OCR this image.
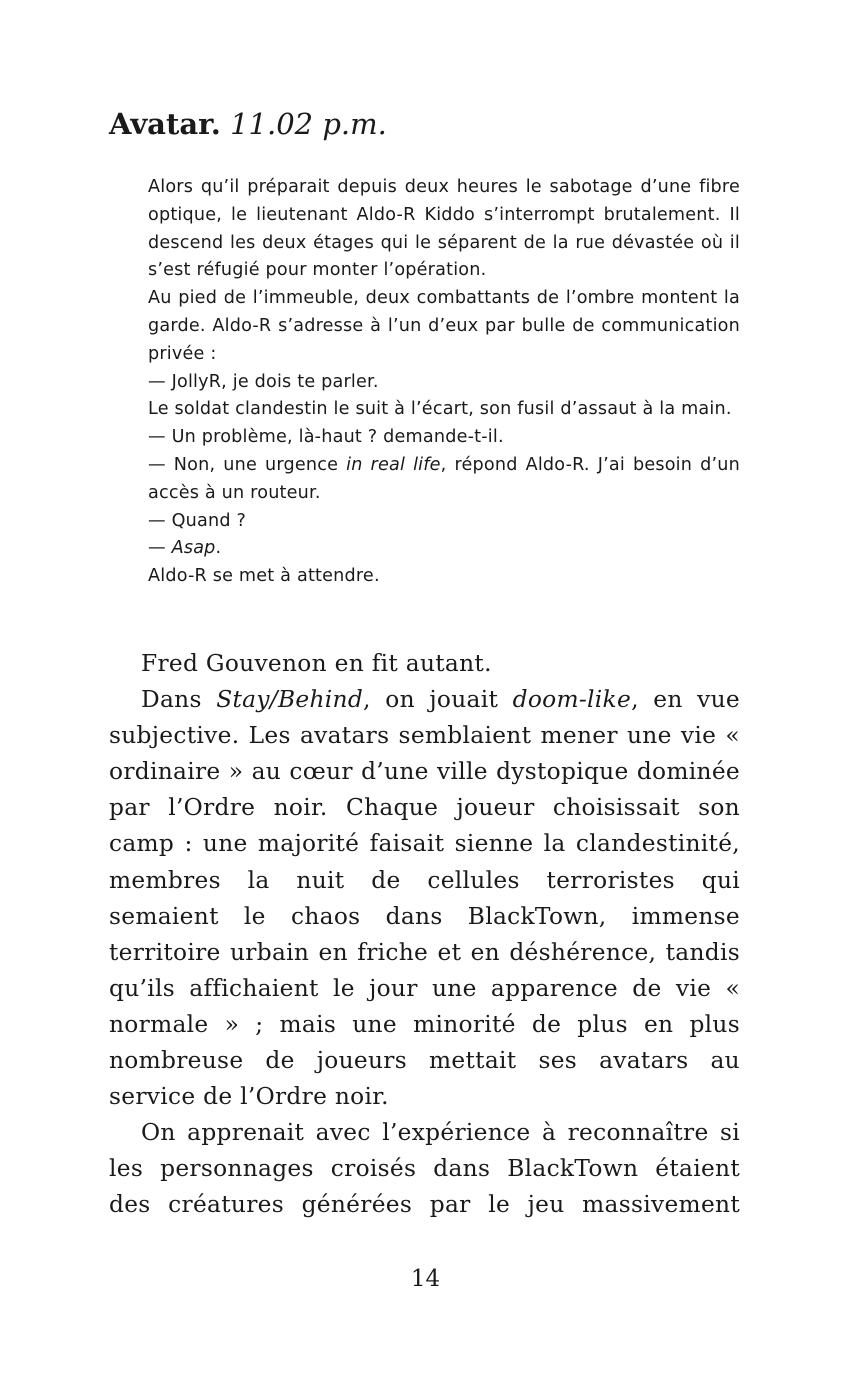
Avatar. 11.02 p.m.

Alors qu’il préparait depuis deux heures le sabotage d’une fibre optique, le lieutenant Aldo-R Kiddo s’interrompt brutalement. Il descend les deux étages qui le séparent de la rue dévastée où il s’est réfugié pour monter l’opération.

Au pied de l’immeuble, deux combattants de l’ombre montent la garde. Aldo-R s’adresse à l’un d’eux par bulle de communication privée :

— JollyR, je dois te parler.

Le soldat clandestin le suit à l’écart, son fusil d’assaut à la main.

— Un problème, là-haut ? demande-t-il.

— Non, une urgence in real life, répond Aldo-R. J’ai besoin d’un accès à un routeur.

— Quand ?

— Asap.

Aldo-R se met à attendre.

Fred Gouvenon en fit autant.

Dans Stay/Behind, on jouait doom-like, en vue subjective. Les avatars semblaient mener une vie « ordinaire » au cœur d’une ville dystopique dominée par l’Ordre noir. Chaque joueur choisissait son camp : une majorité faisait sienne la clandestinité, membres la nuit de cellules terroristes qui semaient le chaos dans BlackTown, immense territoire urbain en friche et en déshérence, tandis qu’ils affichaient le jour une apparence de vie « normale » ; mais une minorité de plus en plus nombreuse de joueurs mettait ses avatars au service de l’Ordre noir.

On apprenait avec l’expérience à reconnaître si les personnages croisés dans BlackTown étaient des créatures générées par le jeu massivement

14
